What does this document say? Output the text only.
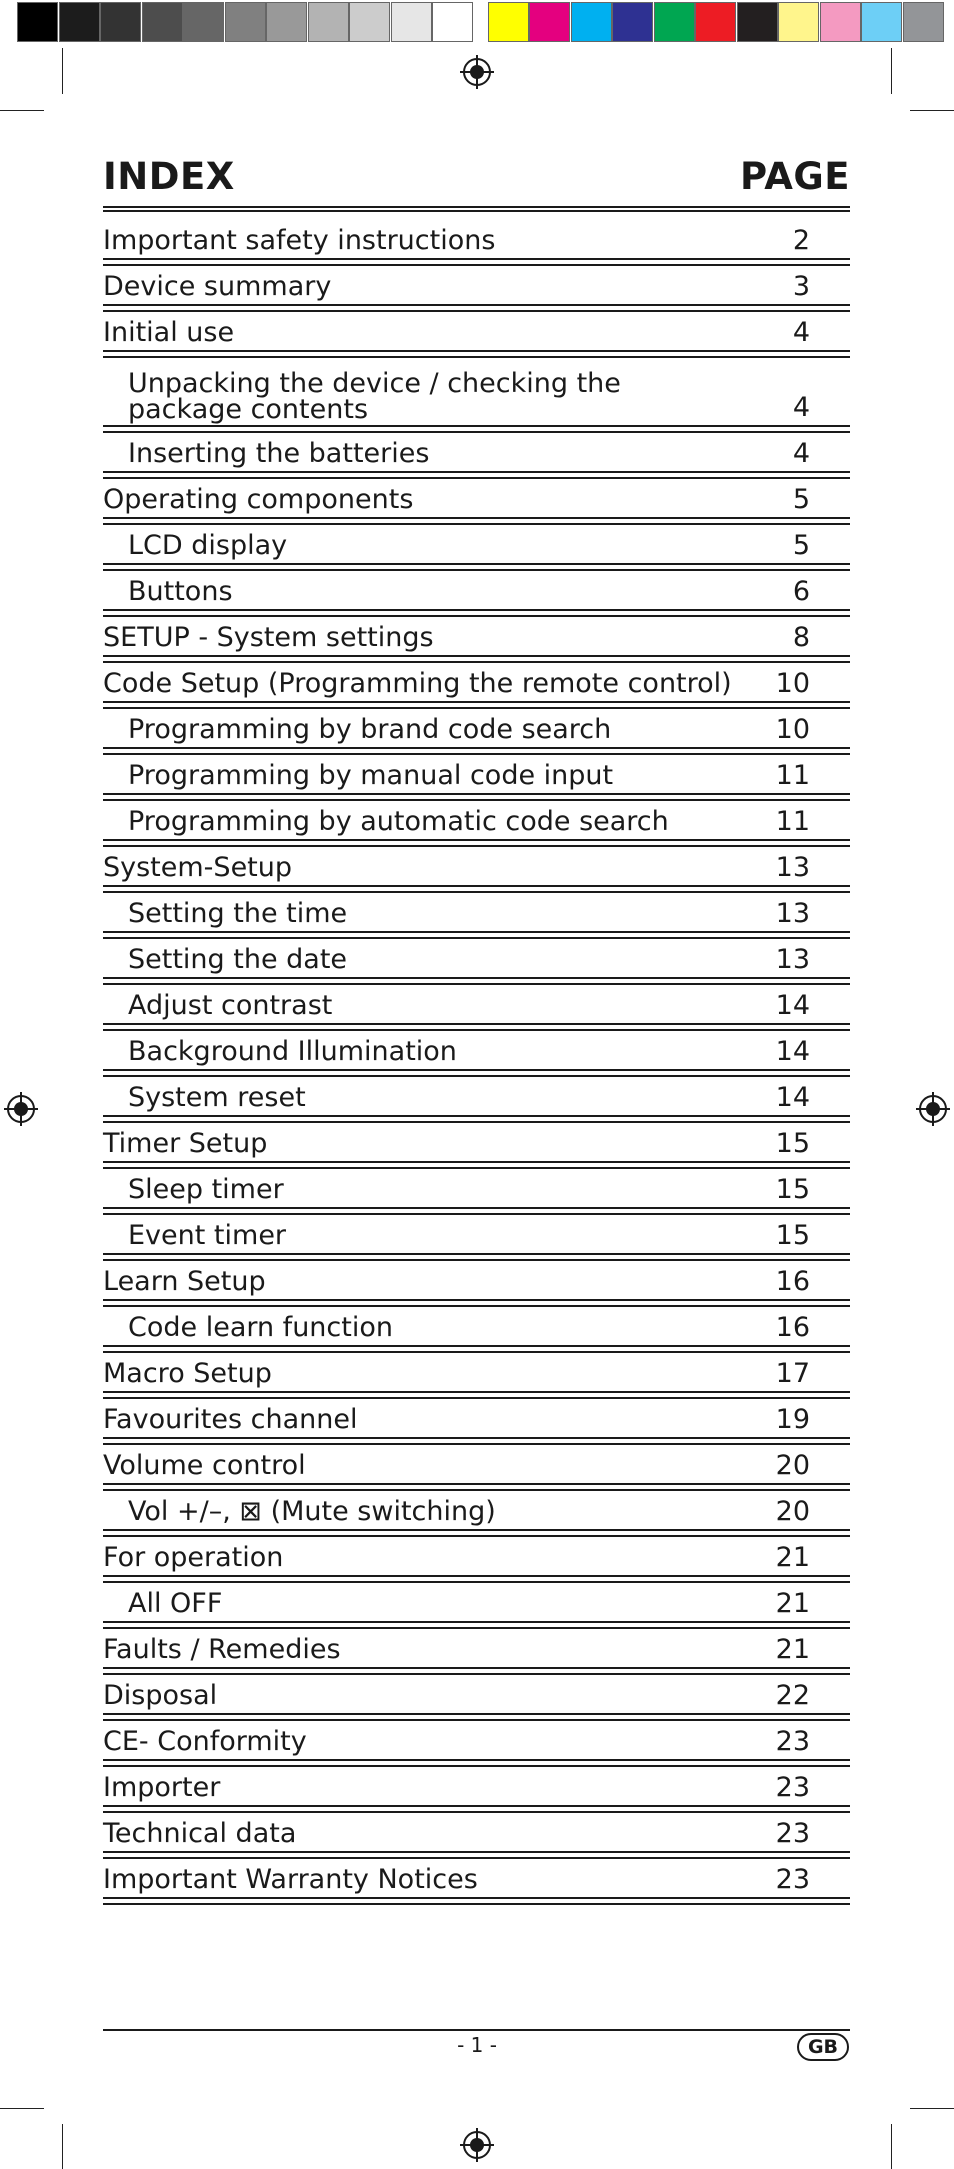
INDEX	PAGE
Important safety instructions	2
Device summary	3
Initial use	4
Unpacking the device / checking the
package contents	4
Inserting the batteries	4
Operating components	5
LCD display	5
Buttons	6
SETUP - System settings	8
Code Setup (Programming the remote control)	10
Programming by brand code search	10
Programming by manual code input	11
Programming by automatic code search	11
System-Setup	13
Setting the time	13
Setting the date	13
Adjust contrast	14
Background Illumination	14
System reset	14
Timer Setup	15
Sleep timer	15
Event timer	15
Learn Setup	16
Code learn function	16
Macro Setup	17
Favourites channel	19
Volume control	20
Vol +/–, ⊠ (Mute switching)	20
For operation	21
All OFF	21
Faults / Remedies	21
Disposal	22
CE- Conformity	23
Importer	23
Technical data	23
Important Warranty Notices	23
- 1 -	GB
